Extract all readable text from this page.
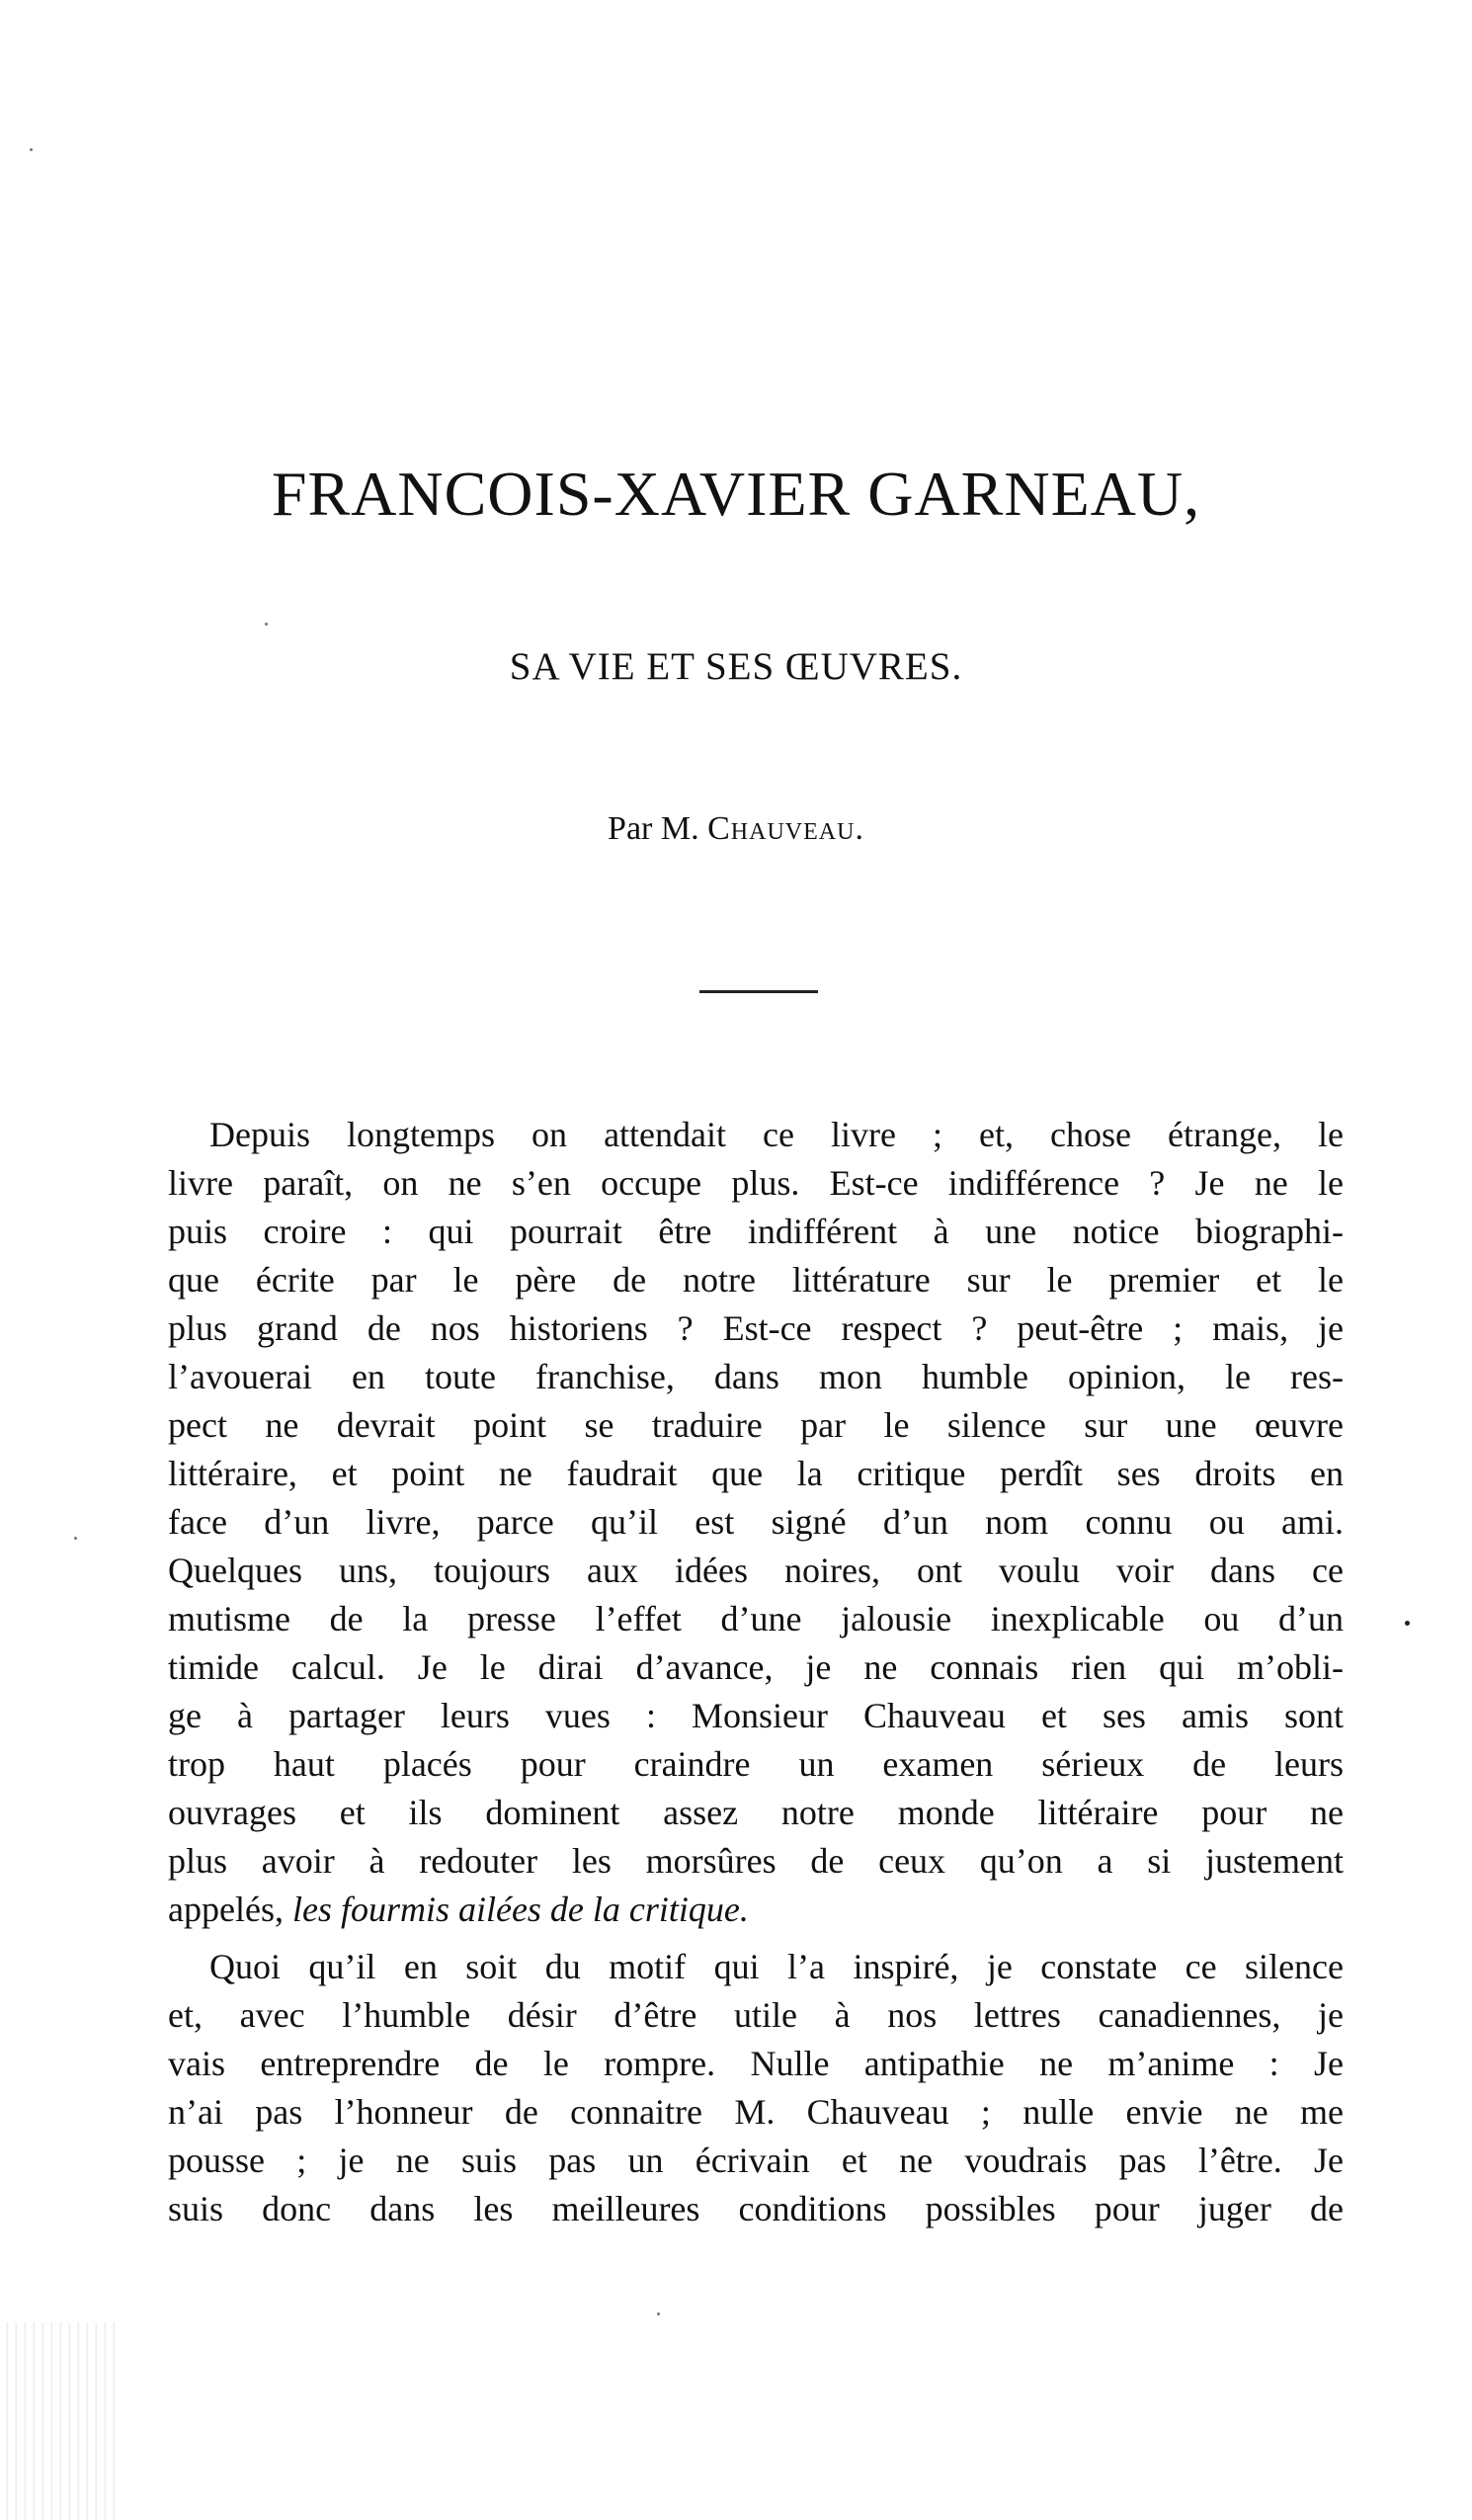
FRANCOIS-XAVIER GARNEAU,
SA VIE ET SES ŒUVRES.
Par M. Chauveau.
Depuis longtemps on attendait ce livre ; et, chose étrange, le
livre paraît, on ne s’en occupe plus. Est-ce indifférence ? Je ne le
puis croire : qui pourrait être indifférent à une notice biographi-
que écrite par le père de notre littérature sur le premier et le
plus grand de nos historiens ? Est-ce respect ? peut-être ; mais, je
l’avouerai en toute franchise, dans mon humble opinion, le res-
pect ne devrait point se traduire par le silence sur une œuvre
littéraire, et point ne faudrait que la critique perdît ses droits en
face d’un livre, parce qu’il est signé d’un nom connu ou ami.
Quelques uns, toujours aux idées noires, ont voulu voir dans ce
mutisme de la presse l’effet d’une jalousie inexplicable ou d’un
timide calcul. Je le dirai d’avance, je ne connais rien qui m’obli-
ge à partager leurs vues : Monsieur Chauveau et ses amis sont
trop haut placés pour craindre un examen sérieux de leurs
ouvrages et ils dominent assez notre monde littéraire pour ne
plus avoir à redouter les morsûres de ceux qu’on a si justement
appelés, les fourmis ailées de la critique.
Quoi qu’il en soit du motif qui l’a inspiré, je constate ce silence
et, avec l’humble désir d’être utile à nos lettres canadiennes, je
vais entreprendre de le rompre. Nulle antipathie ne m’anime : Je
n’ai pas l’honneur de connaitre M. Chauveau ; nulle envie ne me
pousse ; je ne suis pas un écrivain et ne voudrais pas l’être. Je
suis donc dans les meilleures conditions possibles pour juger de
